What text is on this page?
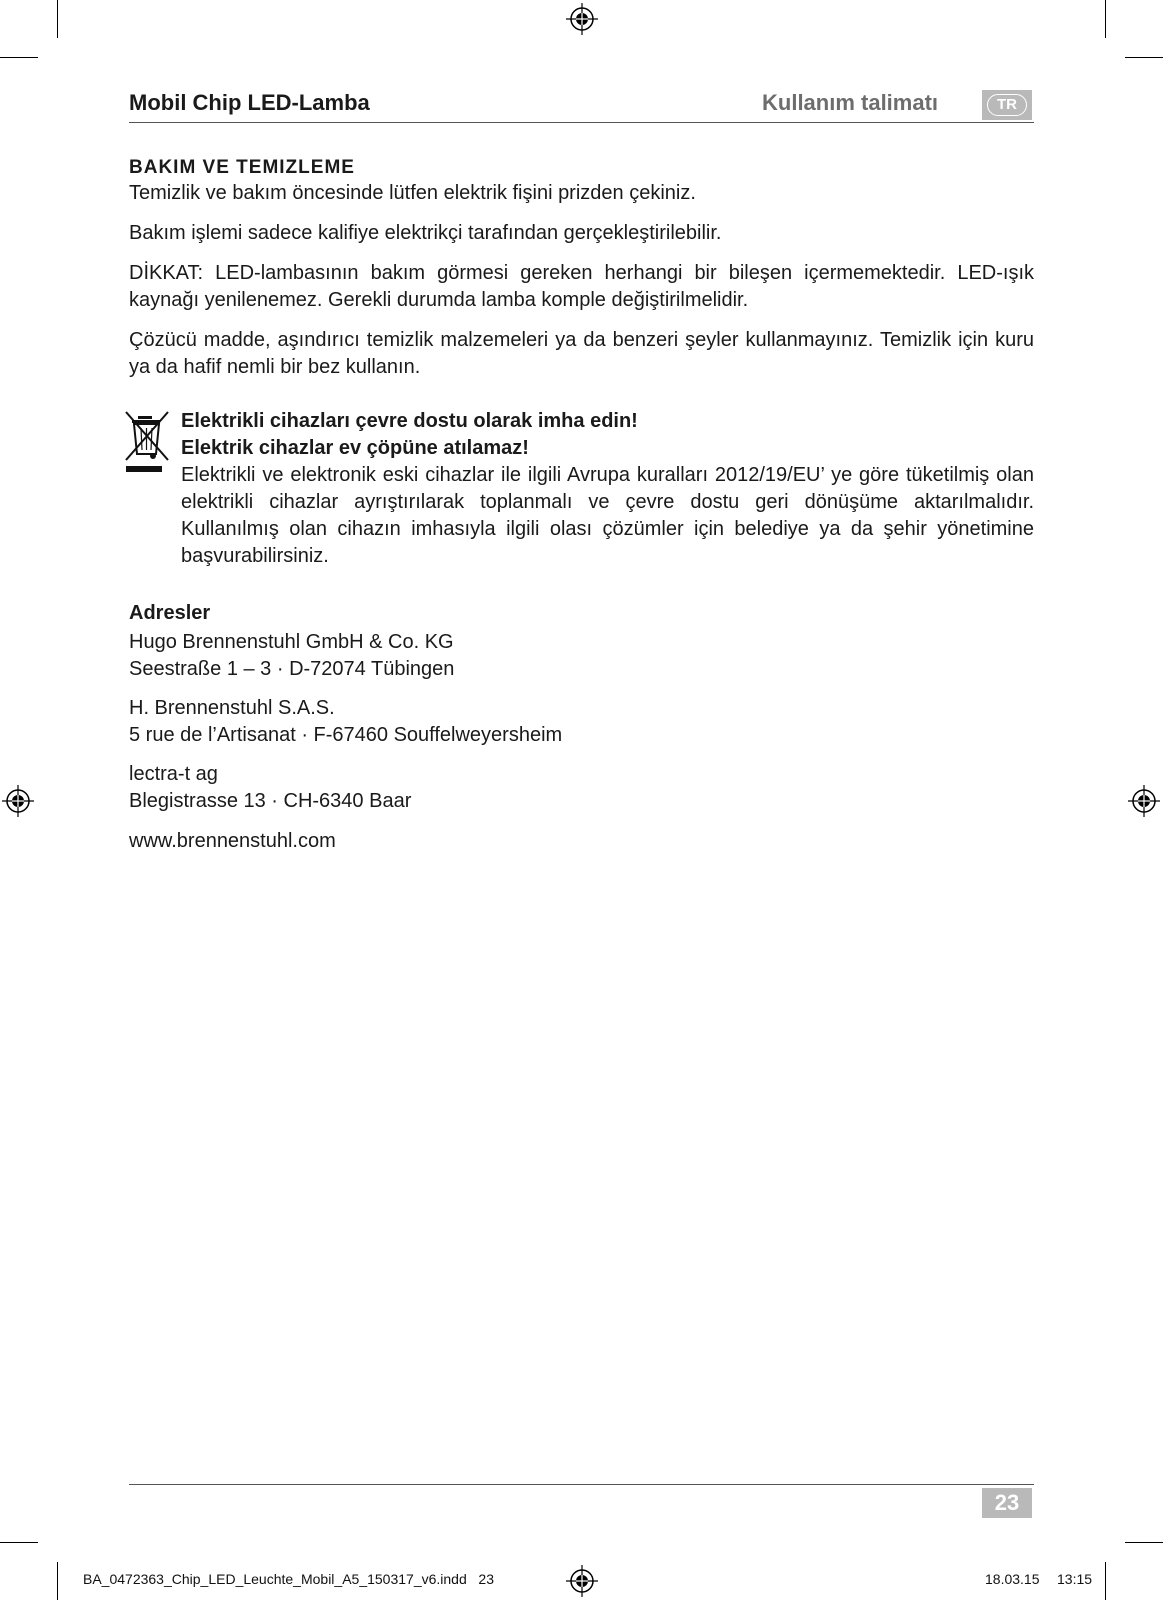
Mobil Chip LED-Lamba	Kullanım talimatı	TR
BAKIM VE TEMIZLEME
Temizlik ve bakım öncesinde lütfen elektrik fişini prizden çekiniz.
Bakım işlemi sadece kalifiye elektrikçi tarafından gerçekleştirilebilir.
DİKKAT: LED-lambasının bakım görmesi gereken herhangi bir bileşen içermemektedir. LED-ışık kaynağı yenilenemez. Gerekli durumda lamba komple değiştirilmelidir.
Çözücü madde, aşındırıcı temizlik malzemeleri ya da benzeri şeyler kullanmayınız. Temizlik için kuru ya da hafif nemli bir bez kullanın.
Elektrikli cihazları çevre dostu olarak imha edin!
Elektrik cihazlar ev çöpüne atılamaz!
Elektrikli ve elektronik eski cihazlar ile ilgili Avrupa kuralları 2012/19/EU’ ye göre tüketilmiş olan elektrikli cihazlar ayrıştırılarak toplanmalı ve çevre dostu geri dönüşüme aktarılmalıdır. Kullanılmış olan cihazın imhasıyla ilgili olası çözümler için belediye ya da şehir yönetimine başvurabilirsiniz.
Adresler
Hugo Brennenstuhl GmbH & Co. KG
Seestraße 1 – 3 · D-72074 Tübingen
H. Brennenstuhl S.A.S.
5 rue de l’Artisanat · F-67460 Souffelweyersheim
lectra-t ag
Blegistrasse 13 · CH-6340 Baar
www.brennenstuhl.com
23
BA_0472363_Chip_LED_Leuchte_Mobil_A5_150317_v6.indd   23	18.03.15 13:15
